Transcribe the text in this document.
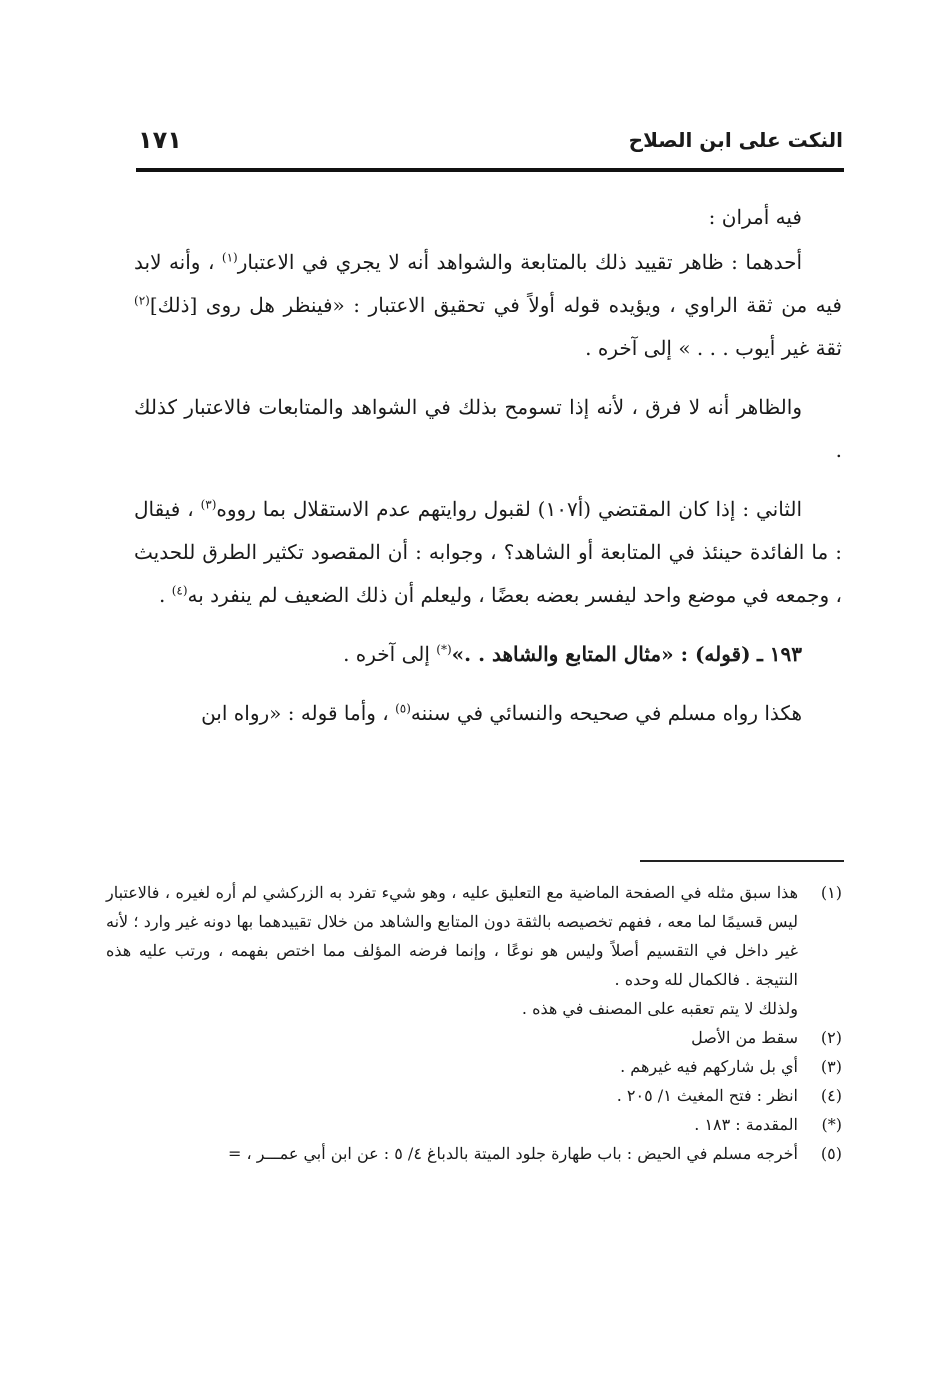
النكت على ابن الصلاح
١٧١

فيه أمران :

أحدهما : ظاهر تقييد ذلك بالمتابعة والشواهد أنه لا يجري في الاعتبار$^{(١)}$ ، وأنه لابد فيه من ثقة الراوي ، ويؤيده قوله أولاً في تحقيق الاعتبار : «فينظر هل روى [ذلك]$^{(٢)}$ ثقة غير أيوب . . . » إلى آخره .

والظاهر أنه لا فرق ، لأنه إذا تسومح بذلك في الشواهد والمتابعات فالاعتبار كذلك .

الثاني : إذا كان المقتضي (أ١٠٧) لقبول روايتهم عدم الاستقلال بما رووه$^{(٣)}$ ، فيقال : ما الفائدة حينئذ في المتابعة أو الشاهد؟ ، وجوابه : أن المقصود تكثير الطرق للحديث ، وجمعه في موضع واحد ليفسر بعضه بعضًا ، وليعلم أن ذلك الضعيف لم ينفرد به$^{(٤)}$ .

١٩٣ ـ (قوله) : «مثال المتابع والشاهد . .»(*) إلى آخره .

هكذا رواه مسلم في صحيحه والنسائي في سننه$^{(٥)}$ ، وأما قوله : «رواه ابن

(١)
هذا سبق مثله في الصفحة الماضية مع التعليق عليه ، وهو شيء تفرد به الزركشي لم أره لغيره ، فالاعتبار ليس قسيمًا لما معه ، ففهم تخصيصه بالثقة دون المتابع والشاهد من خلال تقييدهما بها دونه غير وارد ؛ لأنه غير داخل في التقسيم أصلاً وليس هو نوعًا ، وإنما فرضه المؤلف مما اختص بفهمه ، ورتب عليه هذه النتيجة . فالكمال لله وحده .

ولذلك لا يتم تعقبه على المصنف في هذه .

(٢)
سقط من الأصل

(٣)
أي بل شاركهم فيه غيرهم .

(٤)
انظر : فتح المغيث ١/ ٢٠٥ .

(*)
المقدمة : ١٨٣ .

(٥)
أخرجه مسلم في الحيض : باب طهارة جلود الميتة بالدباغ ٤/ ٥ : عن ابن أبي عمـــر ، =
